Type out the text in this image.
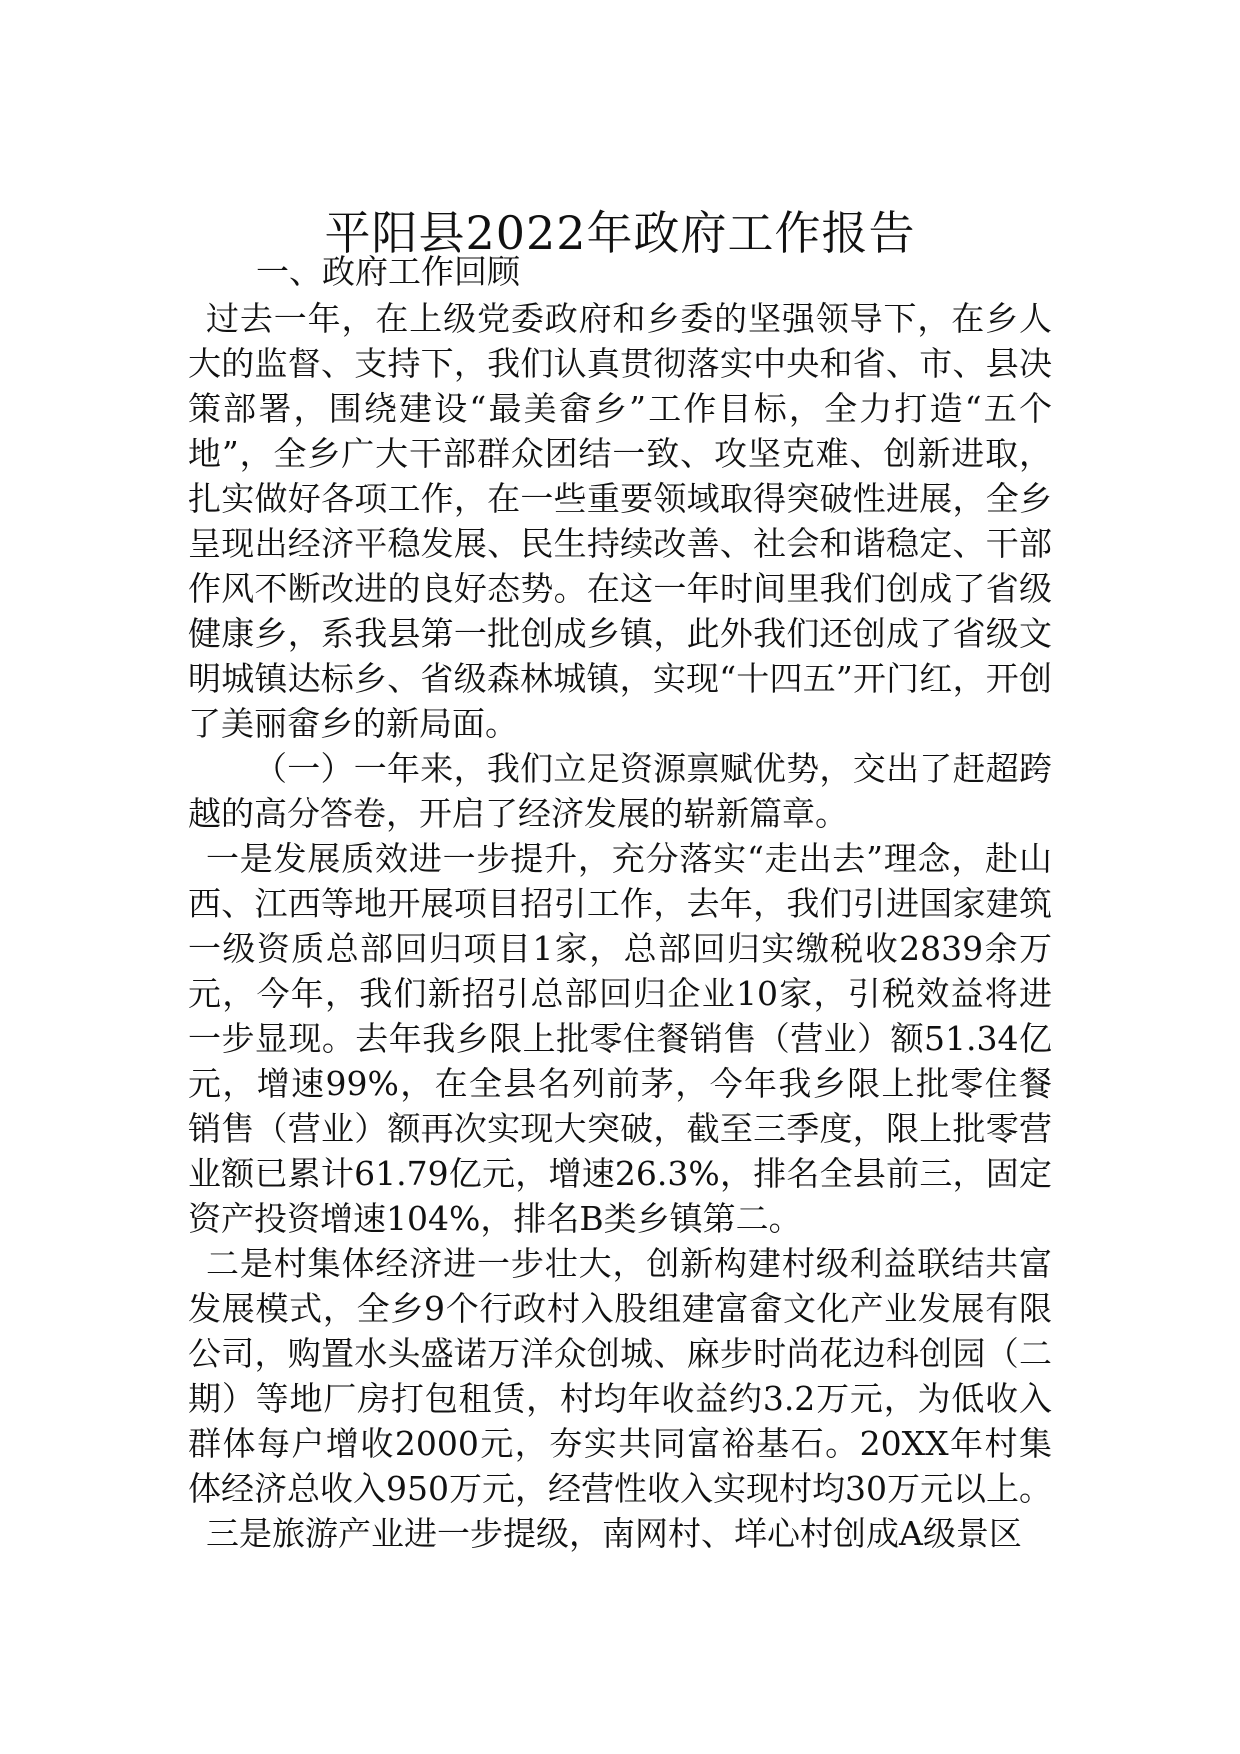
平阳县2022年政府工作报告

一、政府工作回顾

过去一年，在上级党委政府和乡委的坚强领导下，在乡人大的监督、支持下，我们认真贯彻落实中央和省、市、县决策部署，围绕建设“最美畲乡”工作目标，全力打造“五个地”，全乡广大干部群众团结一致、攻坚克难、创新进取，扎实做好各项工作，在一些重要领域取得突破性进展，全乡呈现出经济平稳发展、民生持续改善、社会和谐稳定、干部作风不断改进的良好态势。在这一年时间里我们创成了省级健康乡，系我县第一批创成乡镇，此外我们还创成了省级文明城镇达标乡、省级森林城镇，实现“十四五”开门红，开创了美丽畲乡的新局面。

（一）一年来，我们立足资源禀赋优势，交出了赶超跨越的高分答卷，开启了经济发展的崭新篇章。

一是发展质效进一步提升，充分落实“走出去”理念，赴山西、江西等地开展项目招引工作，去年，我们引进国家建筑一级资质总部回归项目1家，总部回归实缴税收2839余万元，今年，我们新招引总部回归企业10家，引税效益将进一步显现。去年我乡限上批零住餐销售（营业）额51.34亿元，增速99%，在全县名列前茅，今年我乡限上批零住餐销售（营业）额再次实现大突破，截至三季度，限上批零营业额已累计61.79亿元，增速26.3%，排名全县前三，固定资产投资增速104%，排名B类乡镇第二。

二是村集体经济进一步壮大，创新构建村级利益联结共富发展模式，全乡9个行政村入股组建富畲文化产业发展有限公司，购置水头盛诺万洋众创城、麻步时尚花边科创园（二期）等地厂房打包租赁，村均年收益约3.2万元，为低收入群体每户增收2000元，夯实共同富裕基石。20XX年村集体经济总收入950万元，经营性收入实现村均30万元以上。

三是旅游产业进一步提级，南网村、垟心村创成A级景区
